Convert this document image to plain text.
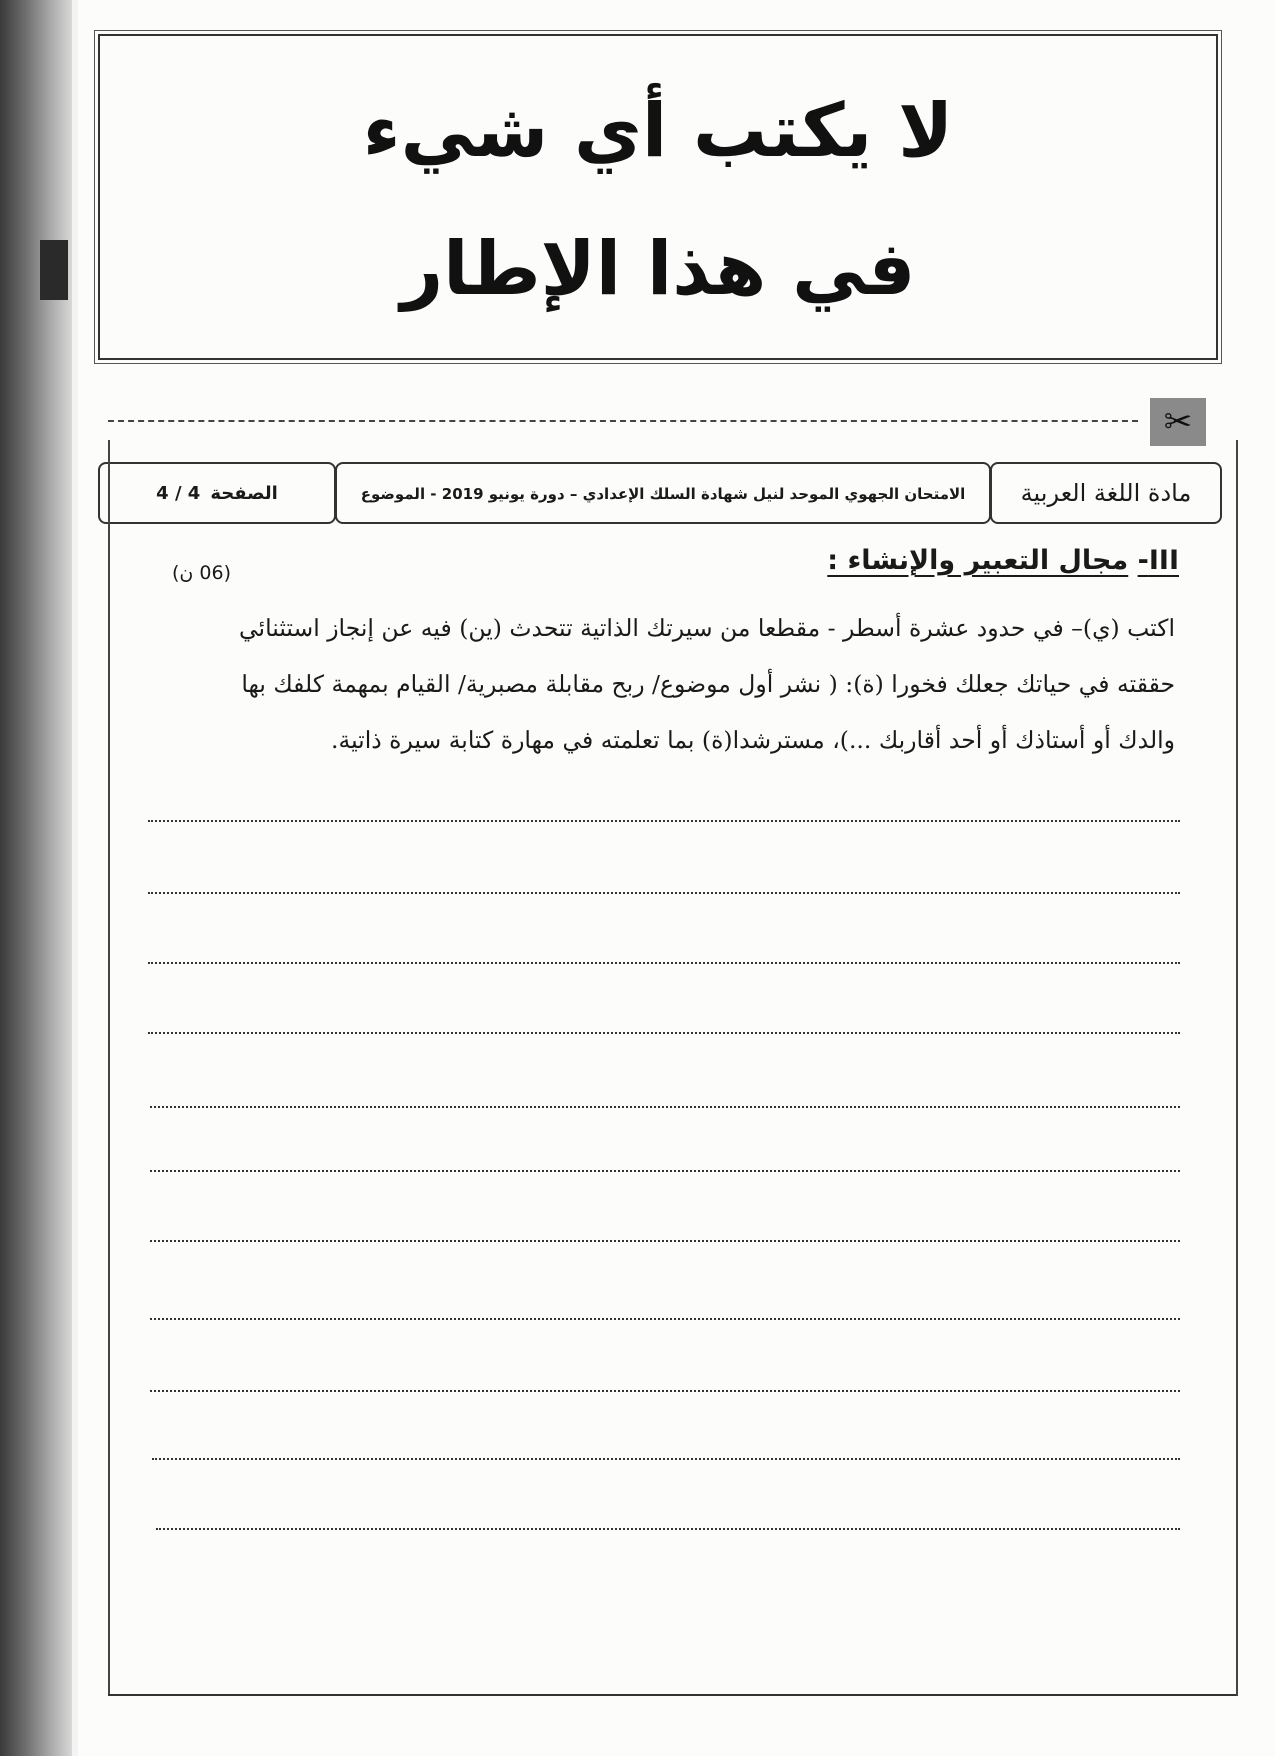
لا يكتب أي شيء
في هذا الإطار
✂
مادة اللغة العربية
الامتحان الجهوي الموحد لنيل شهادة السلك الإعدادي – دورة يونيو 2019 - الموضوع
الصفحة
4 / 4
III- مجال التعبير والإنشاء :
(06 ن)
اكتب (ي)– في حدود عشرة أسطر - مقطعا من سيرتك الذاتية تتحدث (ين) فيه عن إنجاز استثنائي
حققته في حياتك جعلك فخورا (ة): ( نشر أول موضوع/ ربح مقابلة مصبرية/ القيام بمهمة كلفك بها
والدك أو أستاذك أو أحد أقاربك ...)، مسترشدا(ة) بما تعلمته في مهارة كتابة سيرة ذاتية.
